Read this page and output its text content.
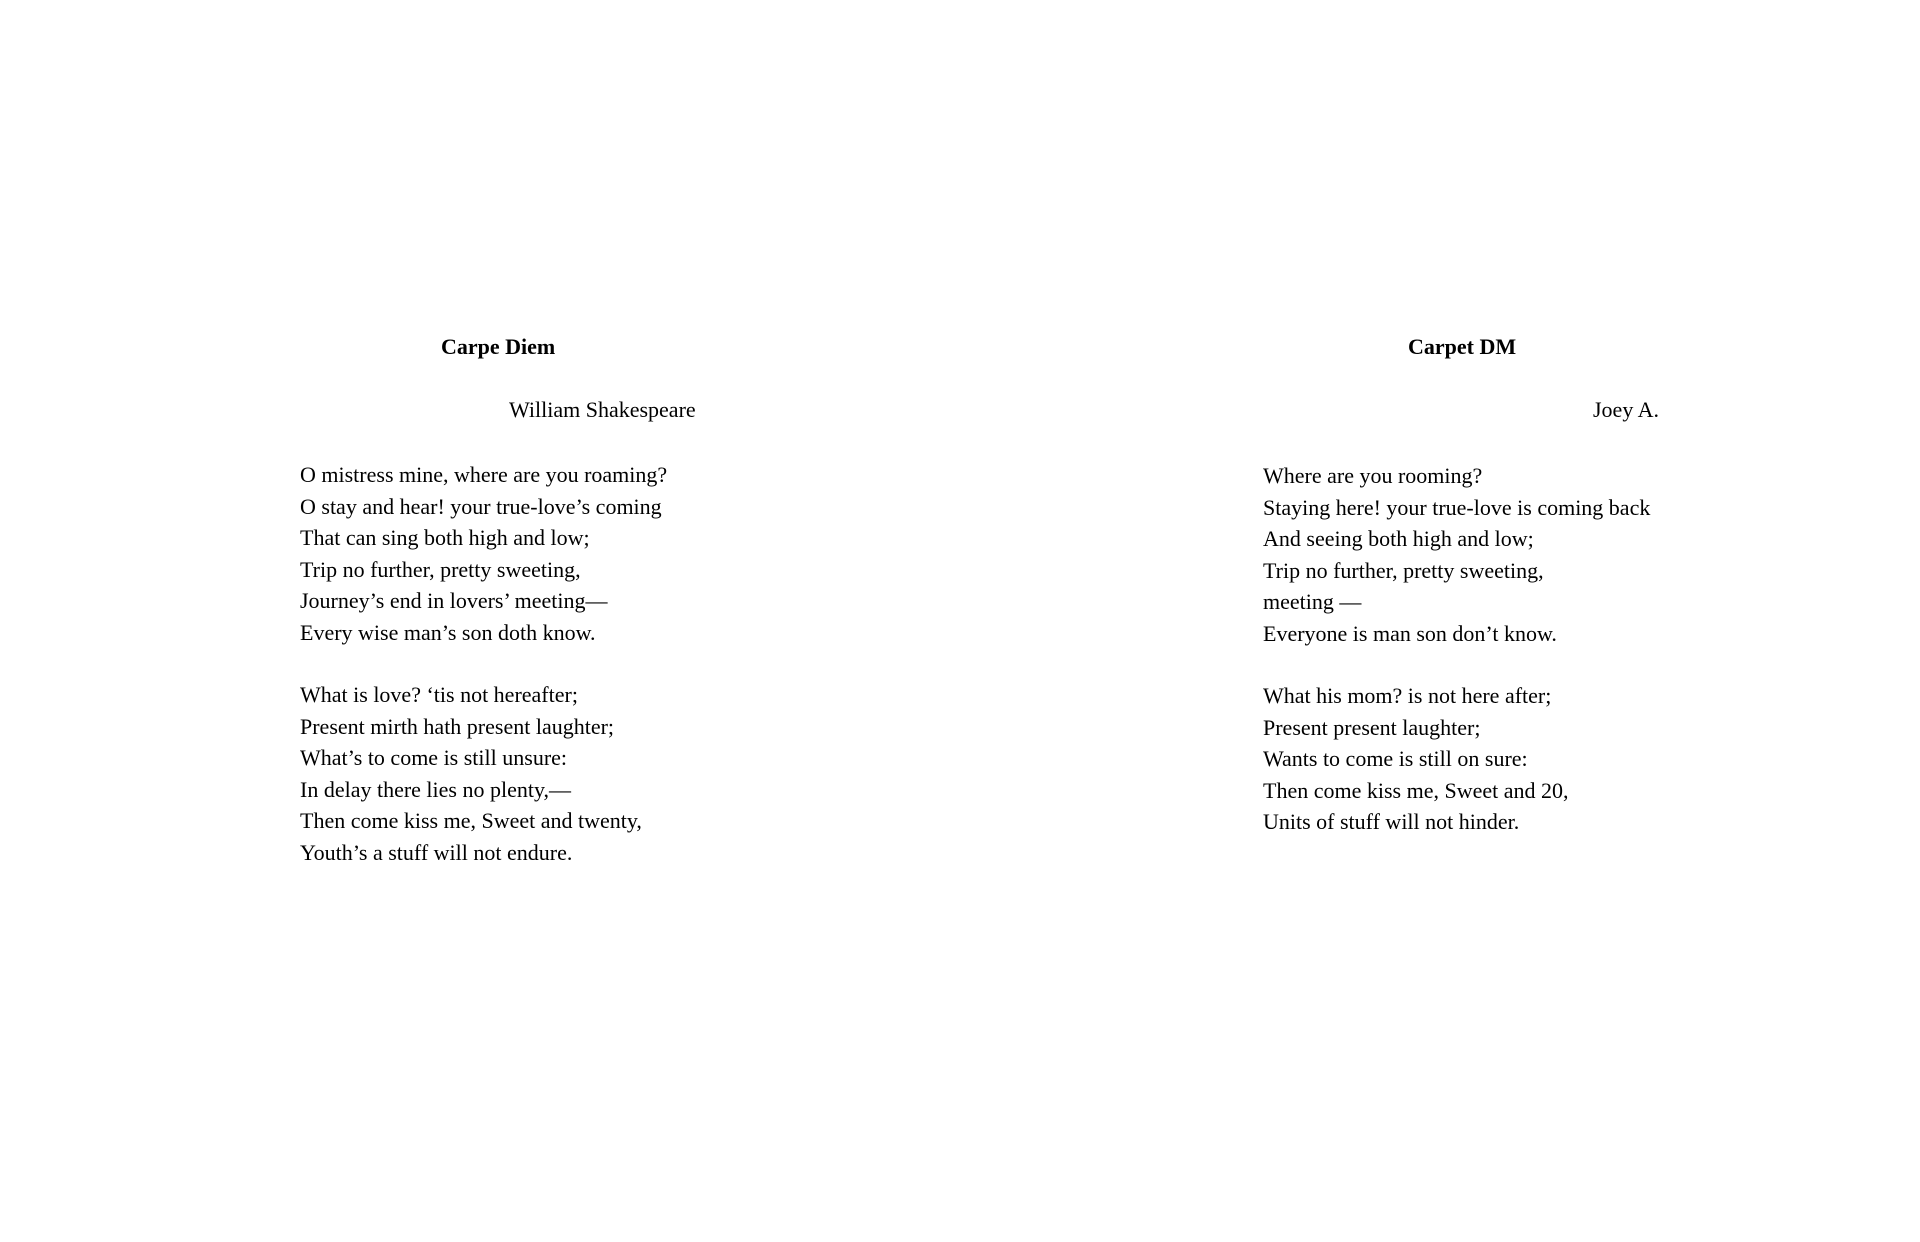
Carpe Diem
William Shakespeare
O mistress mine, where are you roaming?
O stay and hear! your true-love’s coming
That can sing both high and low;
Trip no further, pretty sweeting,
Journey’s end in lovers’ meeting—
Every wise man’s son doth know.
What is love? ‘tis not hereafter;
Present mirth hath present laughter;
What’s to come is still unsure:
In delay there lies no plenty,—
Then come kiss me, Sweet and twenty,
Youth’s a stuff will not endure.
Carpet DM
Joey A.
Where are you rooming?
Staying here! your true-love is coming back
And seeing both high and low;
Trip no further, pretty sweeting,
meeting —
Everyone is man son don’t know.
What his mom? is not here after;
Present present laughter;
Wants to come is still on sure:
Then come kiss me, Sweet and 20,
Units of stuff will not hinder.
